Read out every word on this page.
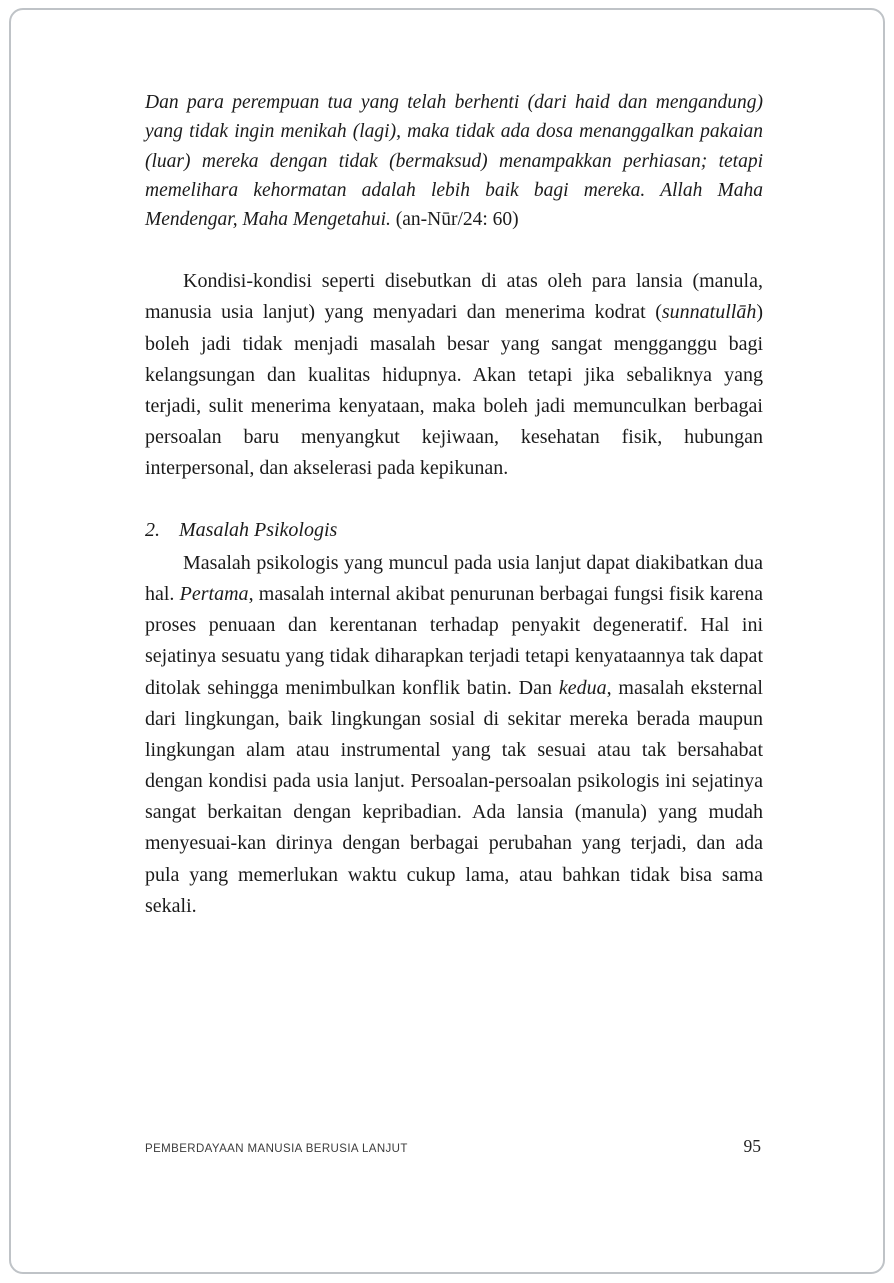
Dan para perempuan tua yang telah berhenti (dari haid dan mengandung) yang tidak ingin menikah (lagi), maka tidak ada dosa menanggalkan pakaian (luar) mereka dengan tidak (bermaksud) menampakkan perhiasan; tetapi memelihara kehormatan adalah lebih baik bagi mereka. Allah Maha Mendengar, Maha Mengetahui. (an-Nūr/24: 60)

Kondisi-kondisi seperti disebutkan di atas oleh para lansia (manula, manusia usia lanjut) yang menyadari dan menerima kodrat (sunnatullāh) boleh jadi tidak menjadi masalah besar yang sangat mengganggu bagi kelangsungan dan kualitas hidupnya. Akan tetapi jika sebaliknya yang terjadi, sulit menerima kenyataan, maka boleh jadi memunculkan berbagai persoalan baru menyangkut kejiwaan, kesehatan fisik, hubungan interpersonal, dan akselerasi pada kepikunan.

2. Masalah Psikologis

Masalah psikologis yang muncul pada usia lanjut dapat diakibatkan dua hal. Pertama, masalah internal akibat penurunan berbagai fungsi fisik karena proses penuaan dan kerentanan terhadap penyakit degeneratif. Hal ini sejatinya sesuatu yang tidak diharapkan terjadi tetapi kenyataannya tak dapat ditolak sehingga menimbulkan konflik batin. Dan kedua, masalah eksternal dari lingkungan, baik lingkungan sosial di sekitar mereka berada maupun lingkungan alam atau instrumental yang tak sesuai atau tak bersahabat dengan kondisi pada usia lanjut. Persoalan-persoalan psikologis ini sejatinya sangat berkaitan dengan kepribadian. Ada lansia (manula) yang mudah menyesuai-kan dirinya dengan berbagai perubahan yang terjadi, dan ada pula yang memerlukan waktu cukup lama, atau bahkan tidak bisa sama sekali.

PEMBERDAYAAN MANUSIA BERUSIA LANJUT	95
